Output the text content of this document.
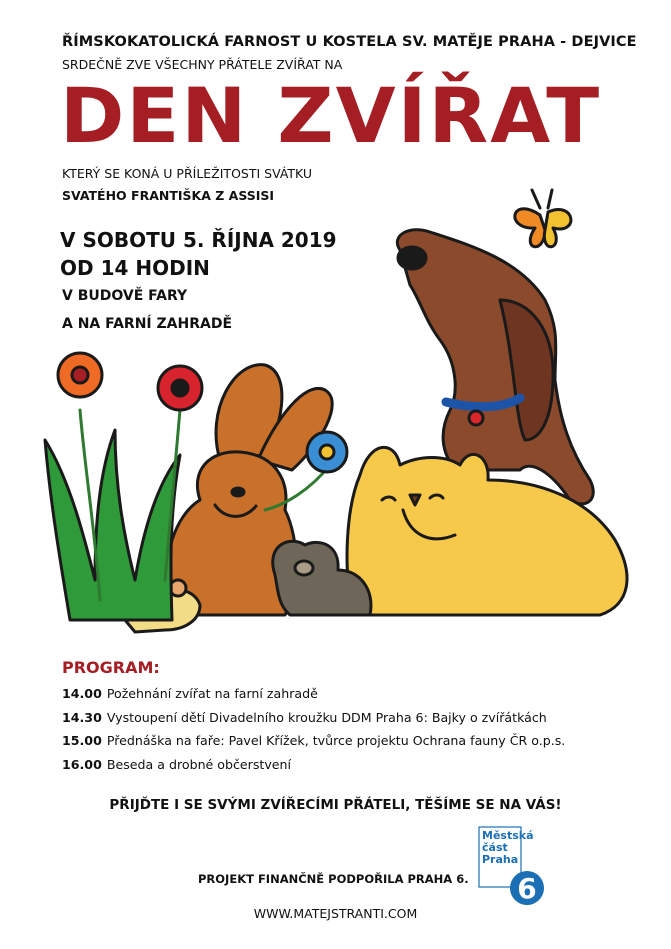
ŘÍMSKOKATOLICKÁ FARNOST U KOSTELA SV. MATĚJE PRAHA - DEJVICE
SRDEČNĚ ZVE VŠECHNY PŘÁTELE ZVÍŘAT NA
DEN ZVÍŘAT
KTERÝ SE KONÁ U PŘÍLEŽITOSTI SVÁTKU
SVATÉHO FRANTIŠKA Z ASSISI
V SOBOTU 5. ŘÍJNA 2019
OD 14 HODIN
V BUDOVĚ FARY
A NA FARNÍ ZAHRADĚ
PROGRAM:
14.00 Požehnání zvířat na farní zahradě
14.30 Vystoupení dětí Divadelního kroužku DDM Praha 6: Bajky o zvířátkách
15.00 Přednáška na faře: Pavel Křížek, tvůrce projektu Ochrana fauny ČR o.p.s.
16.00 Beseda a drobné občerstvení
PŘIJĎTE I SE SVÝMI ZVÍŘECÍMI PŘÁTELI, TĚŠÍME SE NA VÁS!
PROJEKT FINANČNĚ PODPOŘILA PRAHA 6.
WWW.MATEJSTRANTI.COM
Městská
část
Praha
6
